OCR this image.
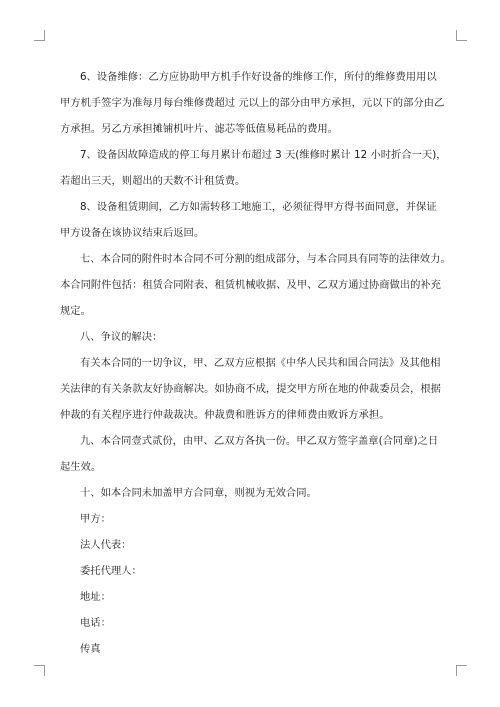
6、设备维修：乙方应协助甲方机手作好设备的维修工作，所付的维修费用用以
甲方机手签字为准每月每台维修费超过 元以上的部分由甲方承担，元以下的部分由乙
方承担。另乙方承担摊铺机叶片、滤芯等低值易耗品的费用。
7、设备因故障造成的停工每月累计布超过 3 天(维修时累计 12 小时折合一天)，
若超出三天，则超出的天数不计租赁费。
8、设备租赁期间，乙方如需转移工地施工，必须征得甲方得书面同意，并保证
甲方设备在该协议结束后返回。
七、本合同的附件时本合同不可分割的组成部分，与本合同具有同等的法律效力。
本合同附件包括：租赁合同附表、租赁机械收据、及甲、乙双方通过协商做出的补充
规定。
八、争议的解决：
有关本合同的一切争议，甲、乙双方应根据《中华人民共和国合同法》及其他相
关法律的有关条款友好协商解决。如协商不成，提交甲方所在地的仲裁委员会，根据
仲裁的有关程序进行仲裁裁决。仲裁费和胜诉方的律师费由败诉方承担。
九、本合同壹式贰份，由甲、乙双方各执一份。甲乙双方签字盖章(合同章)之日
起生效。
十、如本合同未加盖甲方合同章，则视为无效合同。
甲方：
法人代表：
委托代理人：
地址：
电话：
传真
